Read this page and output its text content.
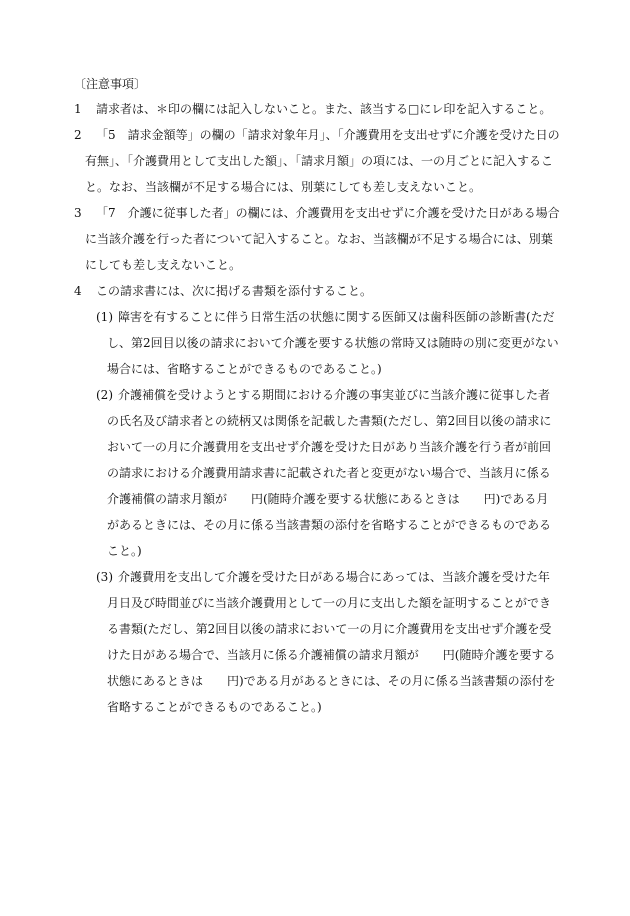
〔注意事項〕
1 請求者は、＊印の欄には記入しないこと。また、該当する□にレ印を記入すること。
2 「5　請求金額等」の欄の「請求対象年月」、「介護費用を支出せずに介護を受けた日の
有無」、「介護費用として支出した額」、「請求月額」の項には、一の月ごとに記入するこ
と。なお、当該欄が不足する場合には、別葉にしても差し支えないこと。
3 「7　介護に従事した者」の欄には、介護費用を支出せずに介護を受けた日がある場合
に当該介護を行った者について記入すること。なお、当該欄が不足する場合には、別葉
にしても差し支えないこと。
4 この請求書には、次に掲げる書類を添付すること。
(1) 障害を有することに伴う日常生活の状態に関する医師又は歯科医師の診断書(ただ
し、第2回目以後の請求において介護を要する状態の常時又は随時の別に変更がない
場合には、省略することができるものであること。)
(2) 介護補償を受けようとする期間における介護の事実並びに当該介護に従事した者
の氏名及び請求者との続柄又は関係を記載した書類(ただし、第2回目以後の請求に
おいて一の月に介護費用を支出せず介護を受けた日があり当該介護を行う者が前回
の請求における介護費用請求書に記載された者と変更がない場合で、当該月に係る
介護補償の請求月額が　　円(随時介護を要する状態にあるときは　　円)である月
があるときには、その月に係る当該書類の添付を省略することができるものである
こと。)
(3) 介護費用を支出して介護を受けた日がある場合にあっては、当該介護を受けた年
月日及び時間並びに当該介護費用として一の月に支出した額を証明することができ
る書類(ただし、第2回目以後の請求において一の月に介護費用を支出せず介護を受
けた日がある場合で、当該月に係る介護補償の請求月額が　　円(随時介護を要する
状態にあるときは　　円)である月があるときには、その月に係る当該書類の添付を
省略することができるものであること。)
